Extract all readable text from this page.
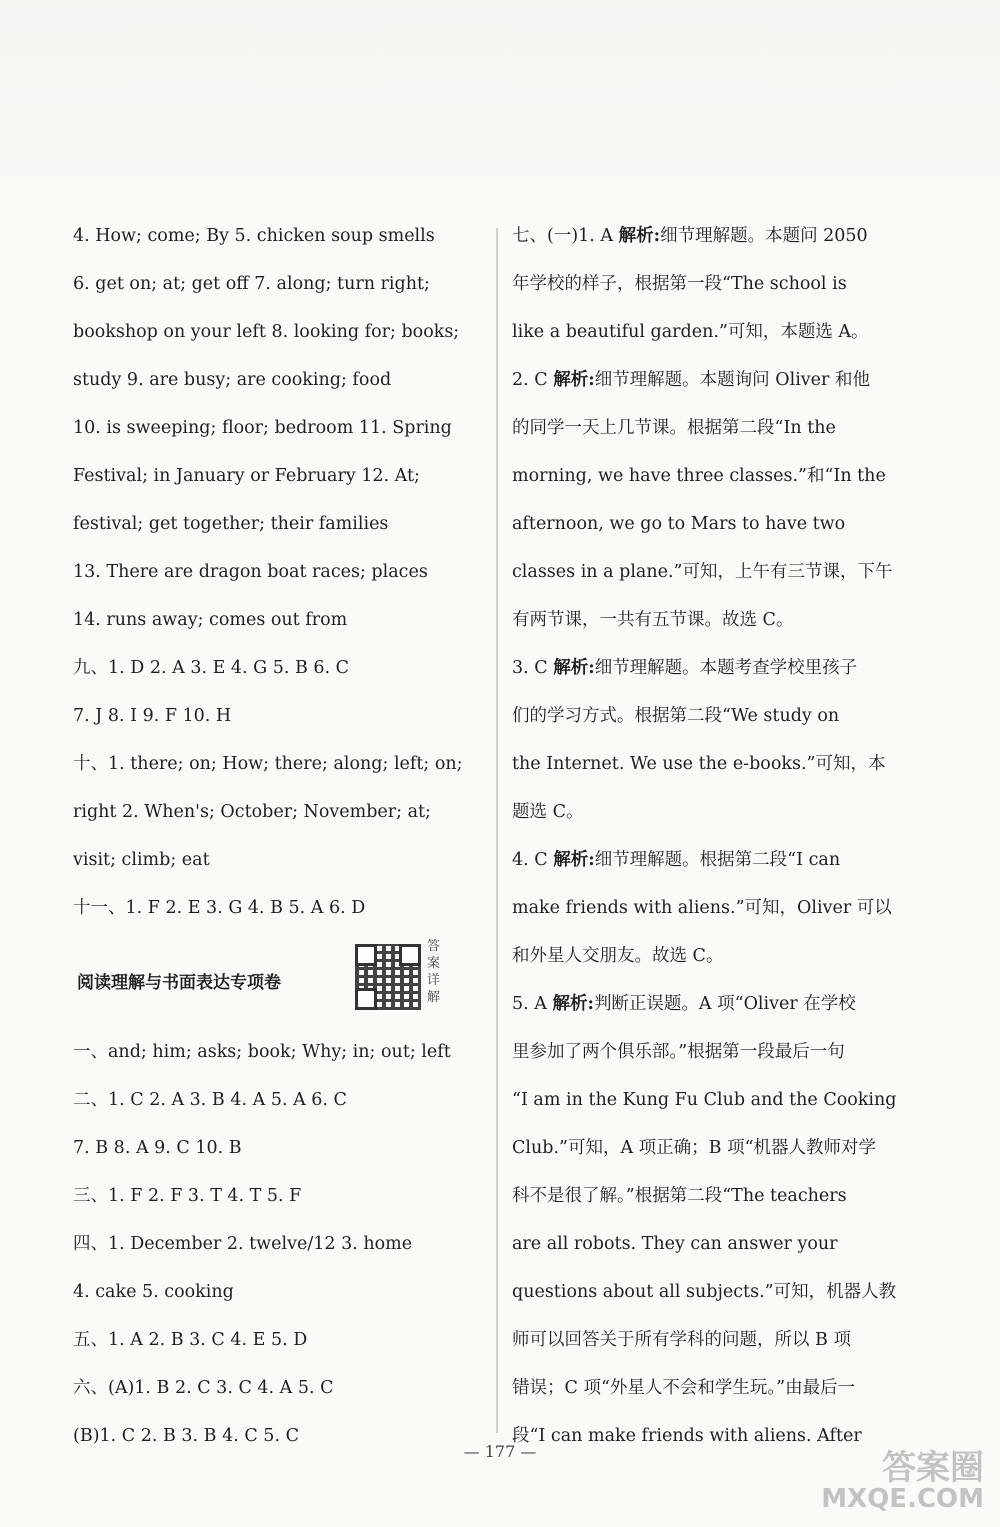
4. How; come; By 5. chicken soup smells
6. get on; at; get off 7. along; turn right;
bookshop on your left 8. looking for; books;
study 9. are busy; are cooking; food
10. is sweeping; floor; bedroom 11. Spring
Festival; in January or February 12. At;
festival; get together; their families
13. There are dragon boat races; places
14. runs away; comes out from
九、1. D 2. A 3. E 4. G 5. B 6. C
7. J 8. I 9. F 10. H
十、1. there; on; How; there; along; left; on;
right 2. When's; October; November; at;
visit; climb; eat
十一、1. F 2. E 3. G 4. B 5. A 6. D
阅读理解与书面表达专项卷
答案详解
一、and; him; asks; book; Why; in; out; left
二、1. C 2. A 3. B 4. A 5. A 6. C
7. B 8. A 9. C 10. B
三、1. F 2. F 3. T 4. T 5. F
四、1. December 2. twelve/12 3. home
4. cake 5. cooking
五、1. A 2. B 3. C 4. E 5. D
六、(A)1. B 2. C 3. C 4. A 5. C
(B)1. C 2. B 3. B 4. C 5. C
七、(一)1. A 解析:细节理解题。本题问 2050
年学校的样子，根据第一段“The school is
like a beautiful garden.”可知，本题选 A。
2. C 解析:细节理解题。本题询问 Oliver 和他
的同学一天上几节课。根据第二段“In the
morning, we have three classes.”和“In the
afternoon, we go to Mars to have two
classes in a plane.”可知，上午有三节课，下午
有两节课，一共有五节课。故选 C。
3. C 解析:细节理解题。本题考查学校里孩子
们的学习方式。根据第二段“We study on
the Internet. We use the e-books.”可知，本
题选 C。
4. C 解析:细节理解题。根据第二段“I can
make friends with aliens.”可知，Oliver 可以
和外星人交朋友。故选 C。
5. A 解析:判断正误题。A 项“Oliver 在学校
里参加了两个俱乐部。”根据第一段最后一句
“I am in the Kung Fu Club and the Cooking
Club.”可知，A 项正确；B 项“机器人教师对学
科不是很了解。”根据第二段“The teachers
are all robots. They can answer your
questions about all subjects.”可知，机器人教
师可以回答关于所有学科的问题，所以 B 项
错误；C 项“外星人不会和学生玩。”由最后一
段“I can make friends with aliens. After
— 177 —	答案圈
MXQE.COM
